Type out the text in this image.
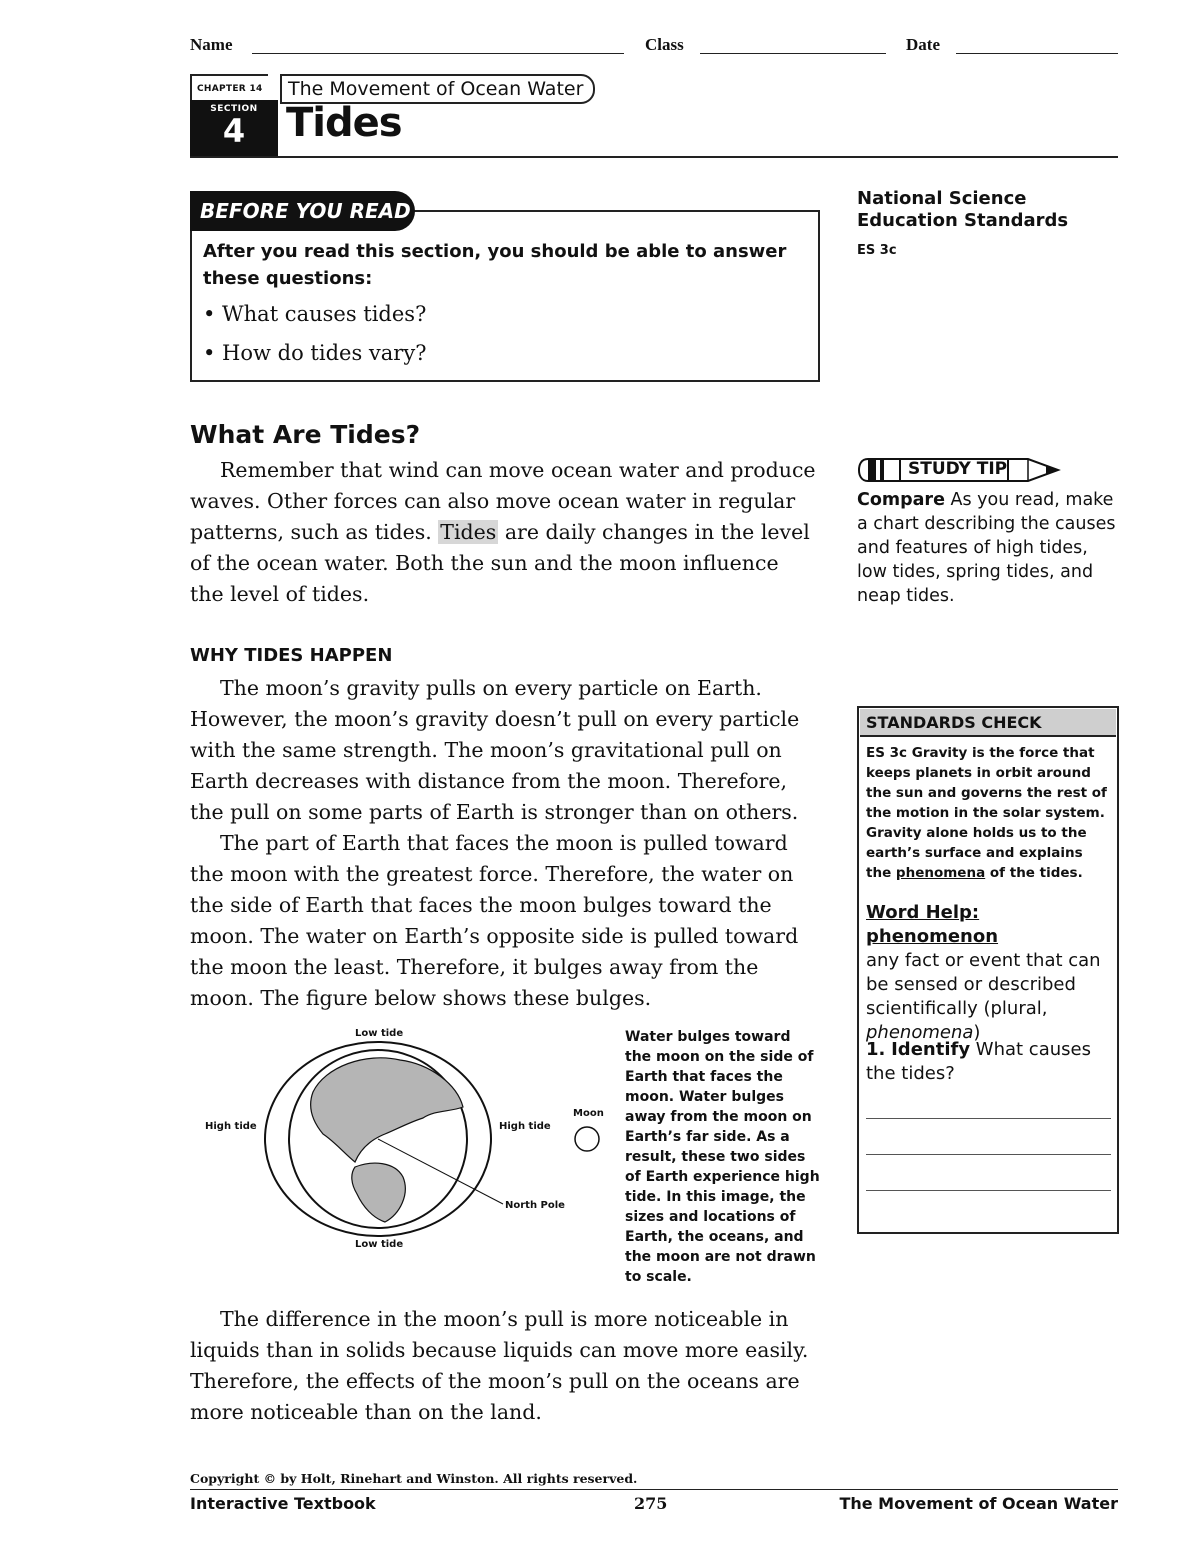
Name	Class	Date
CHAPTER 14	The Movement of Ocean Water
SECTION
4	Tides
BEFORE YOU READ
After you read this section, you should be able to answer these questions:
• What causes tides?
• How do tides vary?
National Science Education Standards
ES 3c
What Are Tides?

Remember that wind can move ocean water and produce waves. Other forces can also move ocean water in regular patterns, such as tides. Tides are daily changes in the level of the ocean water. Both the sun and the moon influence the level of tides.

WHY TIDES HAPPEN

The moon’s gravity pulls on every particle on Earth. However, the moon’s gravity doesn’t pull on every particle with the same strength. The moon’s gravitational pull on Earth decreases with distance from the moon. Therefore, the pull on some parts of Earth is stronger than on others.

The part of Earth that faces the moon is pulled toward the moon with the greatest force. Therefore, the water on the side of Earth that faces the moon bulges toward the moon. The water on Earth’s opposite side is pulled toward the moon the least. Therefore, it bulges away from the moon. The figure below shows these bulges.

Low tide
Low tide
High tide	High tide
Moon
North Pole
Water bulges toward the moon on the side of Earth that faces the moon. Water bulges away from the moon on Earth’s far side. As a result, these two sides of Earth experience high tide. In this image, the sizes and locations of Earth, the oceans, and the moon are not drawn to scale.

The difference in the moon’s pull is more noticeable in liquids than in solids because liquids can move more easily. Therefore, the effects of the moon’s pull on the oceans are more noticeable than on the land.

STUDY TIP
Compare As you read, make a chart describing the causes and features of high tides, low tides, spring tides, and neap tides.
STANDARDS CHECK
ES 3c Gravity is the force that keeps planets in orbit around the sun and governs the rest of the motion in the solar system. Gravity alone holds us to the earth’s surface and explains the phenomena of the tides.
Word Help: phenomenon
any fact or event that can be sensed or described scientifically (plural, phenomena)
1. Identify What causes the tides?
Copyright © by Holt, Rinehart and Winston. All rights reserved.
Interactive Textbook	275	The Movement of Ocean Water
